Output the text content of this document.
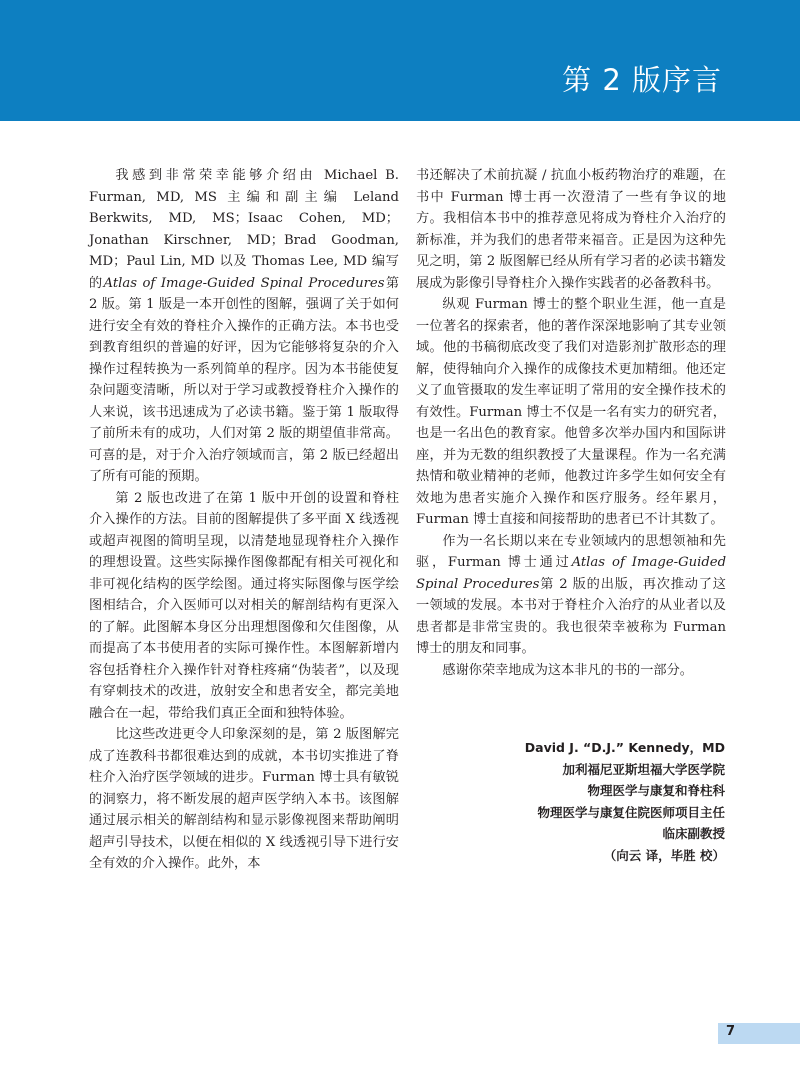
第 2 版序言

我感到非常荣幸能够介绍由 Michael B. Furman, MD, MS 主编和副主编 Leland Berkwits, MD, MS；Isaac Cohen, MD；Jonathan Kirschner, MD；Brad Goodman, MD；Paul Lin, MD 以及 Thomas Lee, MD 编写的Atlas of Image-Guided Spinal Procedures第 2 版。第 1 版是一本开创性的图解，强调了关于如何进行安全有效的脊柱介入操作的正确方法。本书也受到教育组织的普遍的好评，因为它能够将复杂的介入操作过程转换为一系列简单的程序。因为本书能使复杂问题变清晰，所以对于学习或教授脊柱介入操作的人来说，该书迅速成为了必读书籍。鉴于第 1 版取得了前所未有的成功，人们对第 2 版的期望值非常高。可喜的是，对于介入治疗领域而言，第 2 版已经超出了所有可能的预期。

第 2 版也改进了在第 1 版中开创的设置和脊柱介入操作的方法。目前的图解提供了多平面 X 线透视或超声视图的简明呈现，以清楚地显现脊柱介入操作的理想设置。这些实际操作图像都配有相关可视化和非可视化结构的医学绘图。通过将实际图像与医学绘图相结合，介入医师可以对相关的解剖结构有更深入的了解。此图解本身区分出理想图像和欠佳图像，从而提高了本书使用者的实际可操作性。本图解新增内容包括脊柱介入操作针对脊柱疼痛“伪装者”，以及现有穿刺技术的改进，放射安全和患者安全，都完美地融合在一起，带给我们真正全面和独特体验。

比这些改进更令人印象深刻的是，第 2 版图解完成了连教科书都很难达到的成就，本书切实推进了脊柱介入治疗医学领域的进步。Furman 博士具有敏锐的洞察力，将不断发展的超声医学纳入本书。该图解通过展示相关的解剖结构和显示影像视图来帮助阐明超声引导技术，以便在相似的 X 线透视引导下进行安全有效的介入操作。此外，本

书还解决了术前抗凝 / 抗血小板药物治疗的难题，在书中 Furman 博士再一次澄清了一些有争议的地方。我相信本书中的推荐意见将成为脊柱介入治疗的新标准，并为我们的患者带来福音。正是因为这种先见之明，第 2 版图解已经从所有学习者的必读书籍发展成为影像引导脊柱介入操作实践者的必备教科书。

纵观 Furman 博士的整个职业生涯，他一直是一位著名的探索者，他的著作深深地影响了其专业领域。他的书稿彻底改变了我们对造影剂扩散形态的理解，使得轴向介入操作的成像技术更加精细。他还定义了血管摄取的发生率证明了常用的安全操作技术的有效性。Furman 博士不仅是一名有实力的研究者，也是一名出色的教育家。他曾多次举办国内和国际讲座，并为无数的组织教授了大量课程。作为一名充满热情和敬业精神的老师，他教过许多学生如何安全有效地为患者实施介入操作和医疗服务。经年累月，Furman 博士直接和间接帮助的患者已不计其数了。

作为一名长期以来在专业领域内的思想领袖和先驱，Furman 博士通过Atlas of Image-Guided Spinal Procedures第 2 版的出版，再次推动了这一领域的发展。本书对于脊柱介入治疗的从业者以及患者都是非常宝贵的。我也很荣幸被称为 Furman 博士的朋友和同事。

感谢你荣幸地成为这本非凡的书的一部分。

David J. “D.J.” Kennedy，MD
加利福尼亚斯坦福大学医学院
物理医学与康复和脊柱科
物理医学与康复住院医师项目主任
临床副教授
（向云 译，毕胜 校）
7
